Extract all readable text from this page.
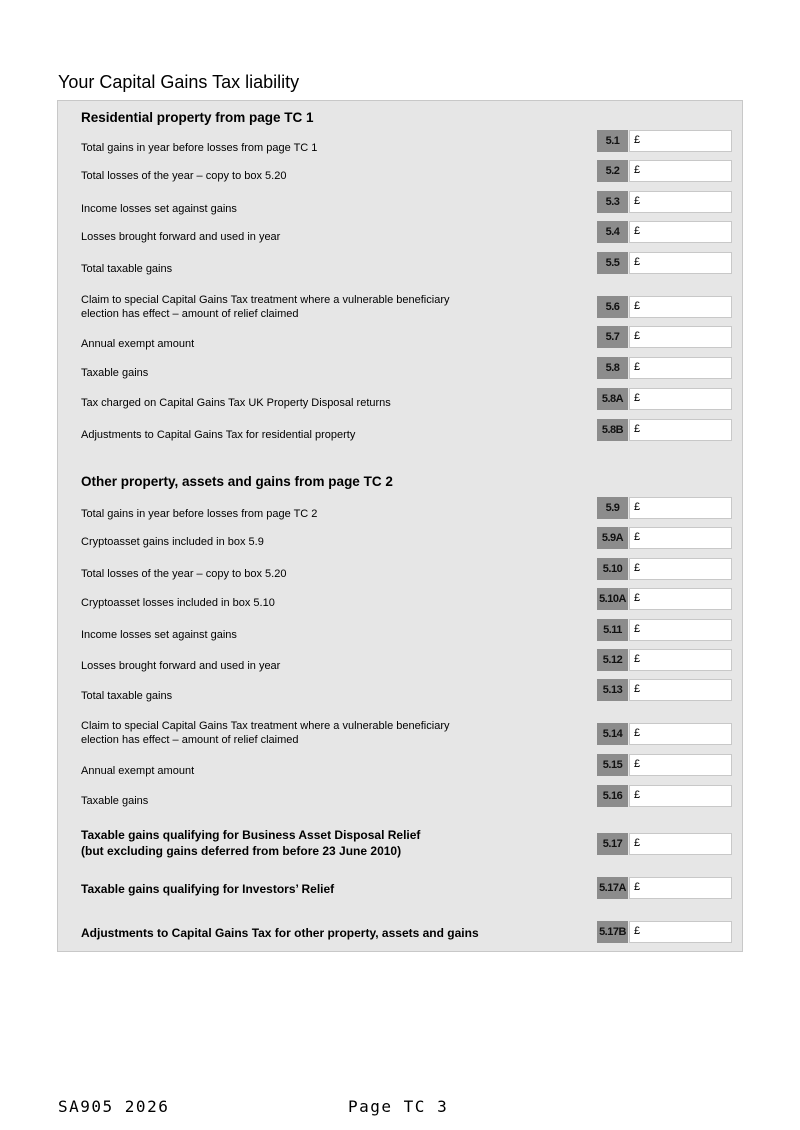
Your Capital Gains Tax liability
Residential property from page TC 1
Total gains in year before losses from page TC 1
5.1	£
Total losses of the year – copy to box 5.20	5.2	£
Income losses set against gains
5.3	£
Losses brought forward and used in year	5.4	£
Total taxable gains	5.5	£
Claim to special Capital Gains Tax treatment where a vulnerable beneficiary
election has effect – amount of relief claimed
5.6	£
Annual exempt amount
5.7	£
Taxable gains	5.8	£
Tax charged on Capital Gains Tax UK Property Disposal returns	5.8A £
Adjustments to Capital Gains Tax for residential property	5.8B £
Other property, assets and gains from page TC 2
Total gains in year before losses from page TC 2	5.9	£
Cryptoasset gains included in box 5.9	5.9A £
Total losses of the year – copy to box 5.20	5.10	£
Cryptoasset losses included in box 5.10	5.10A £
Income losses set against gains	5.11	£
Losses brought forward and used in year	5.12	£
Total taxable gains	5.13	£
Claim to special Capital Gains Tax treatment where a vulnerable beneficiary
election has effect – amount of relief claimed	5.14	£
Annual exempt amount	5.15	£
Taxable gains	5.16	£
Taxable gains qualifying for Business Asset Disposal Relief
(but excluding gains deferred from before 23 June 2010)	5.17	£
Taxable gains qualifying for Investors’ Relief	5.17A £
Adjustments to Capital Gains Tax for other property, assets and gains	5.17B £
SA905 2026	Page TC 3
